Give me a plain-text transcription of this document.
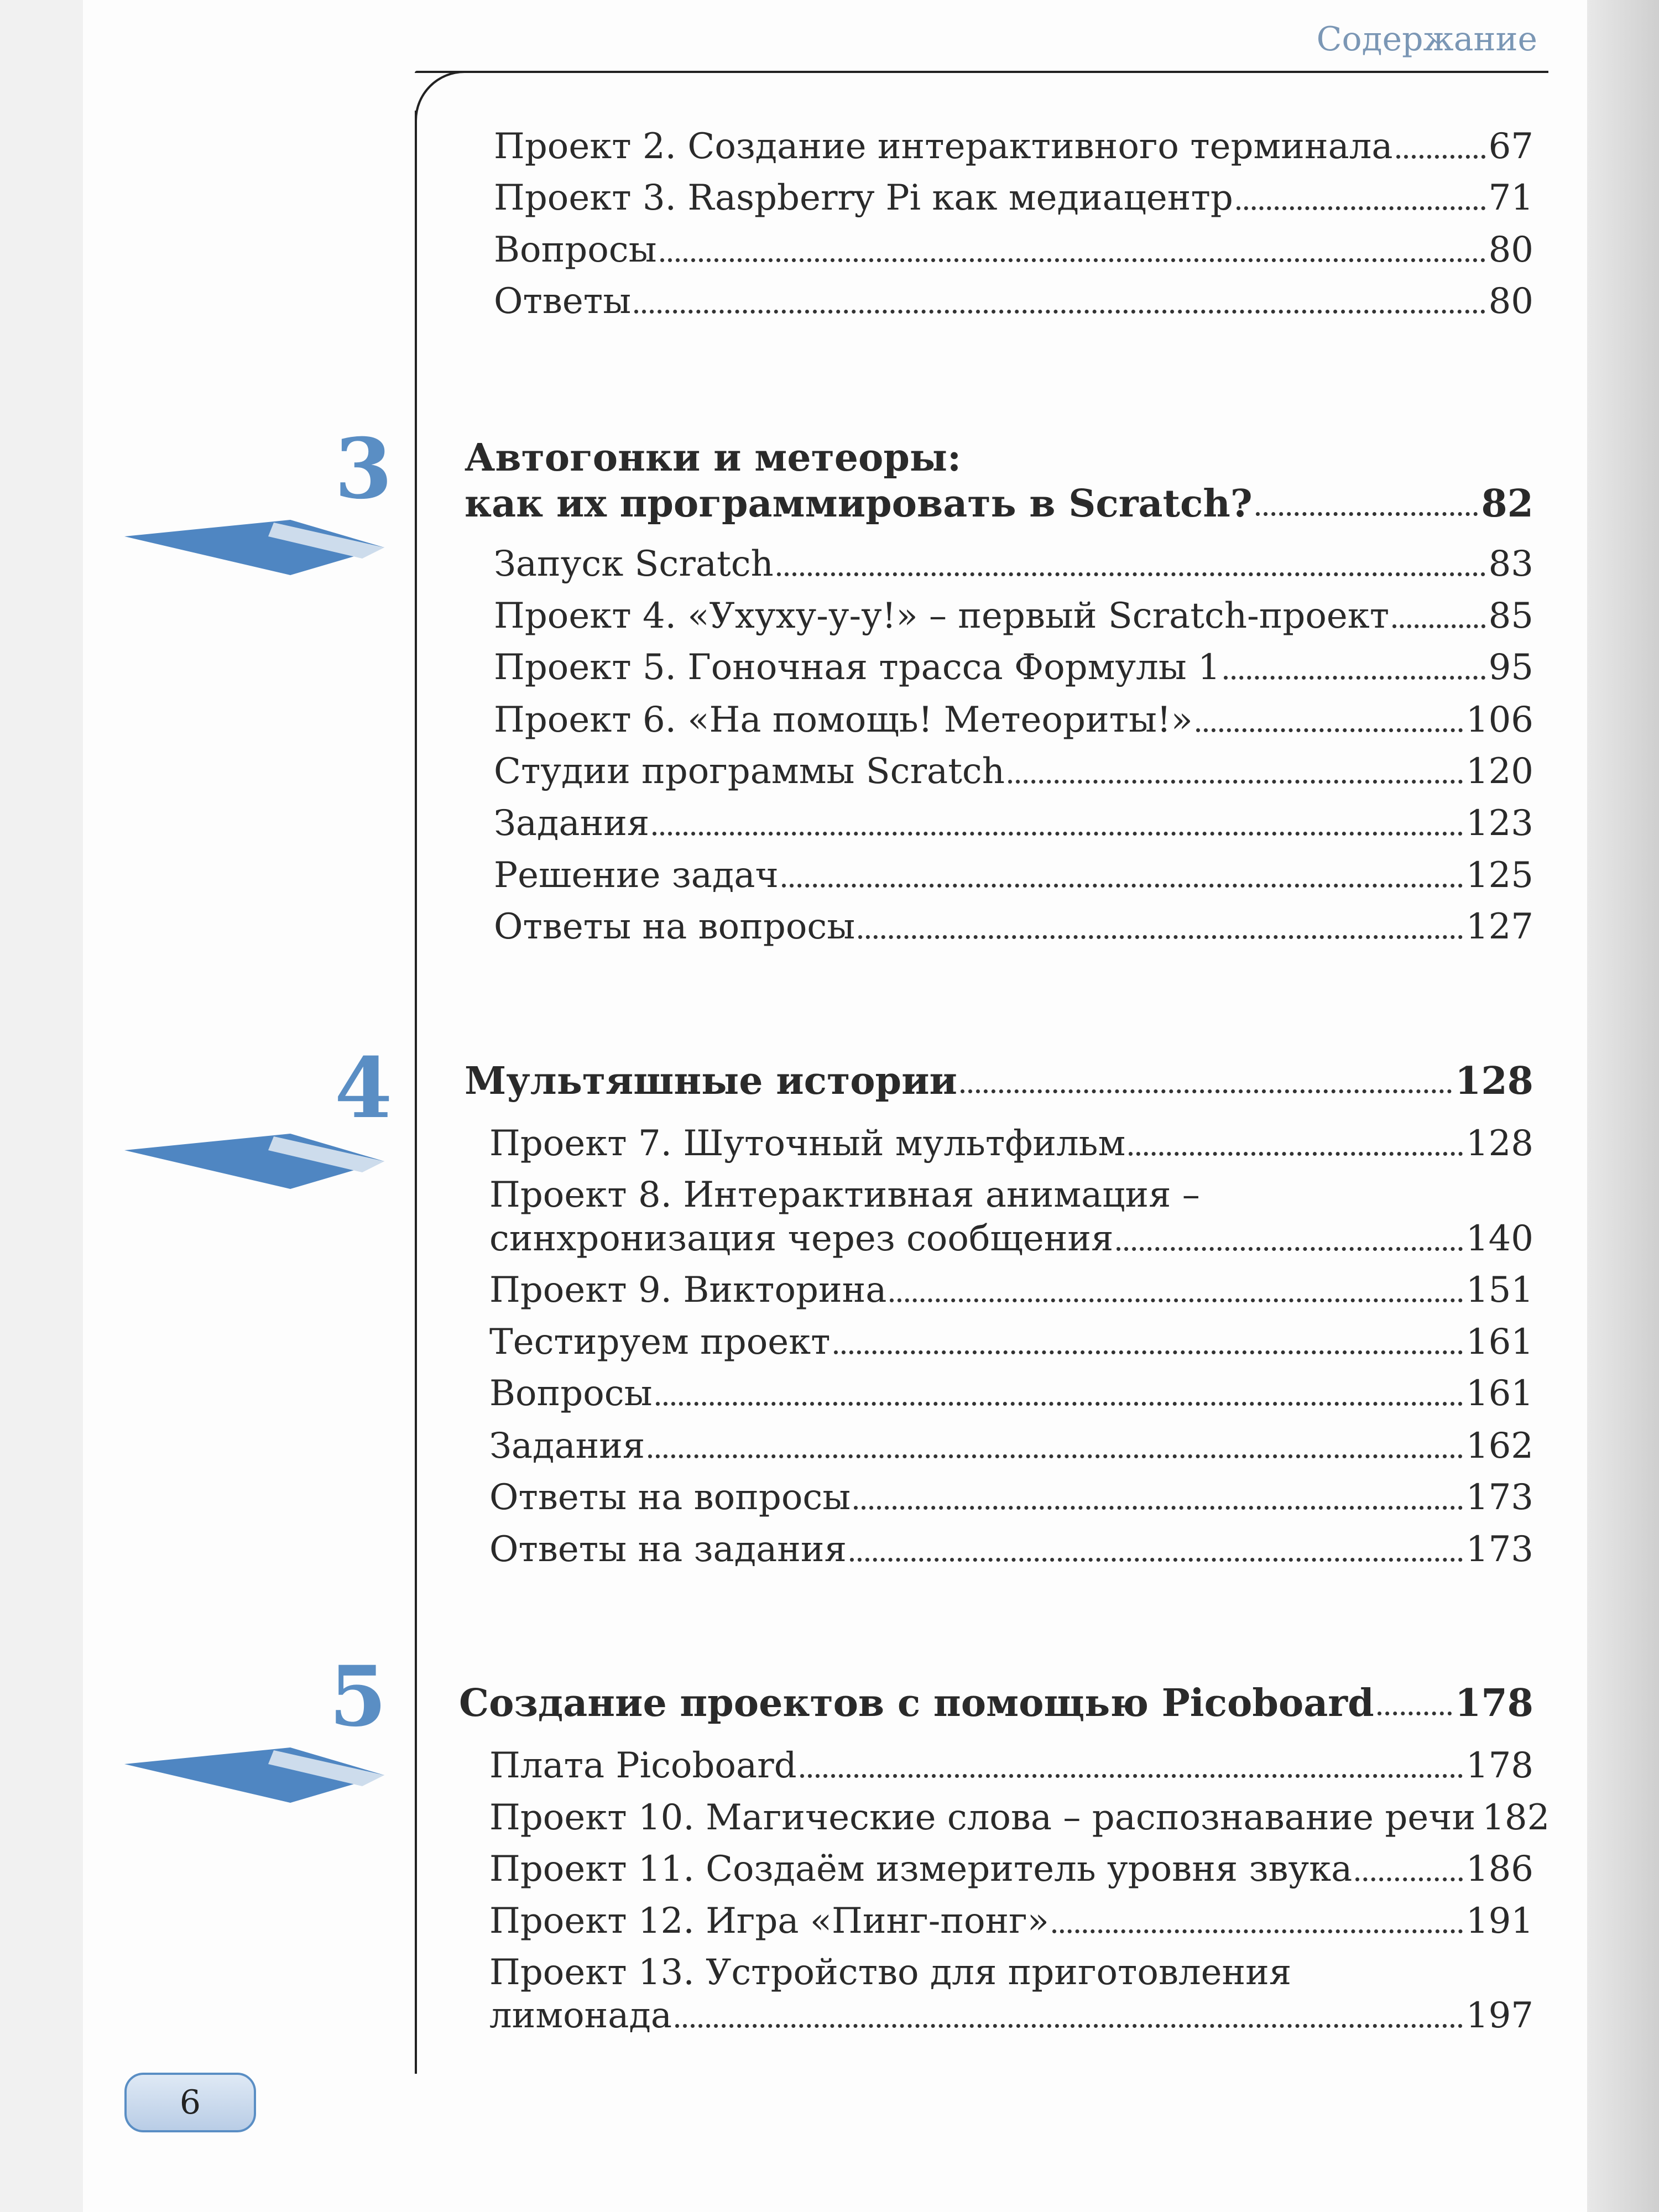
Содержание
Проект 2. Создание интерактивного терминала	67
Проект 3. Raspberry Pi как медиацентр	71
Вопросы	80
Ответы	80
3 Автогонки и метеоры:
как их программировать в Scratch?	82
Запуск Scratch	83
Проект 4. «Ухуху-у-у!» – первый Scratch-проект	85
Проект 5. Гоночная трасса Формулы 1	95
Проект 6. «На помощь! Метеориты!»	106
Студии программы Scratch	120
Задания	123
Решение задач	125
Ответы на вопросы	127
4 Мультяшные истории	128
Проект 7. Шуточный мультфильм	128
Проект 8. Интерактивная анимация –
синхронизация через сообщения	140
Проект 9. Викторина	151
Тестируем проект	161
Вопросы	161
Задания	162
Ответы на вопросы	173
Ответы на задания	173
5 Создание проектов с помощью Picoboard 178
Плата Picoboard	178
Проект 10. Магические слова – распознавание речи 182
Проект 11. Создаём измеритель уровня звука	186
Проект 12. Игра «Пинг-понг»	191
Проект 13. Устройство для приготовления
лимонада	197
6
